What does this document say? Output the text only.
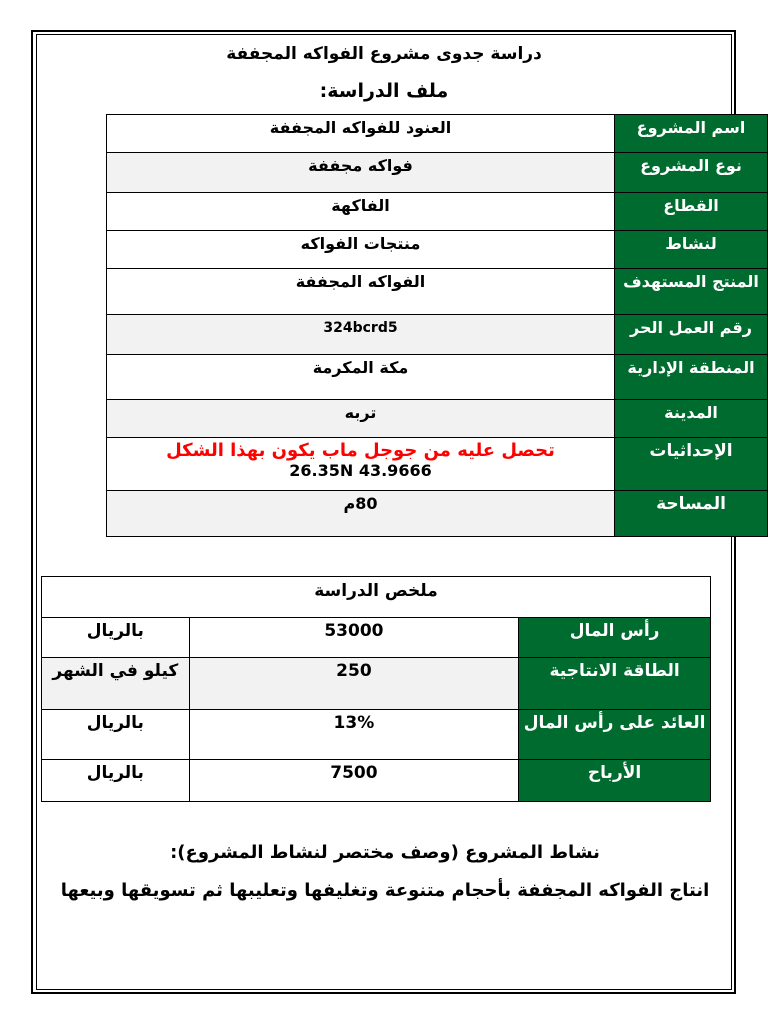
دراسة جدوى مشروع الفواكه المجففة
ملف الدراسة:
اسم المشروع	العنود للفواكه المجففة
نوع المشروع	فواكه مجففة
القطاع	الفاكهة
لنشاط	منتجات الفواكه
المنتج المستهدف	الفواكه المجففة
رقم العمل الحر	324bcrd5
المنطقة الإدارية	مكة المكرمة
المدينة	تربه
الإحداثيات	تحصل عليه من جوجل ماب يكون بهذا الشكل
26.35N 43.9666

المساحة	80م
ملخص الدراسة		
رأس المال	53000	بالريال
الطاقة الانتاجية	250	كيلو في الشهر
العائد على رأس المال	13%	بالريال
الأرباح	7500	بالريال
نشاط المشروع (وصف مختصر لنشاط المشروع):
انتاج الفواكه المجففة بأحجام متنوعة وتغليفها وتعليبها ثم تسويقها وبيعها
